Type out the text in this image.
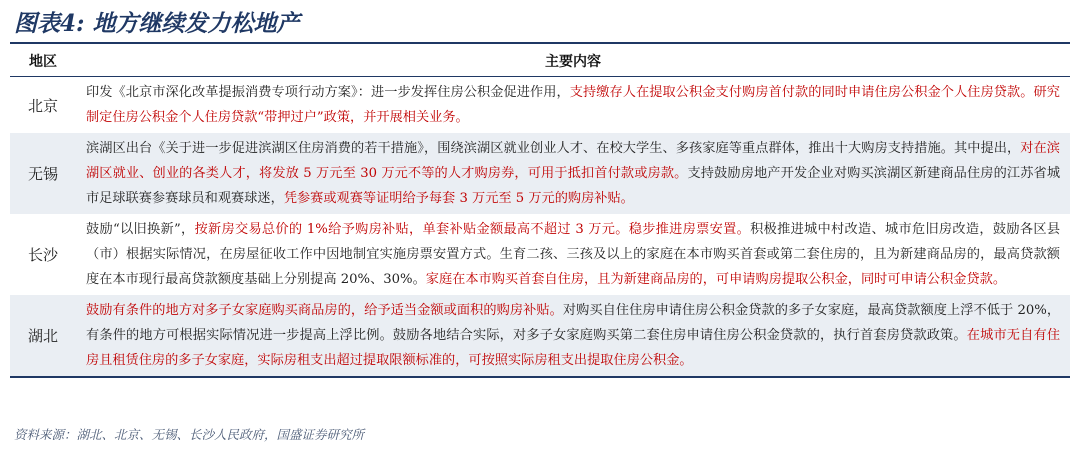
图表4: 地方继续发力松地产
地区	主要内容
北京	印发《北京市深化改革提振消费专项行动方案》：进一步发挥住房公积金促进作用，支持缴存人在提取公积金支付购房首付款的同时申请住房公积金个人住房贷款。研究制定住房公积金个人住房贷款“带押过户”政策，并开展相关业务。
无锡	滨湖区出台《关于进一步促进滨湖区住房消费的若干措施》，围绕滨湖区就业创业人才、在校大学生、多孩家庭等重点群体，推出十大购房支持措施。其中提出，对在滨湖区就业、创业的各类人才，将发放 5 万元至 30 万元不等的人才购房券，可用于抵扣首付款或房款。支持鼓励房地产开发企业对购买滨湖区新建商品住房的江苏省城市足球联赛参赛球员和观赛球迷，凭参赛或观赛等证明给予每套 3 万元至 5 万元的购房补贴。
长沙	鼓励“以旧换新”，按新房交易总价的 1%给予购房补贴，单套补贴金额最高不超过 3 万元。稳步推进房票安置。积极推进城中村改造、城市危旧房改造，鼓励各区县（市）根据实际情况，在房屋征收工作中因地制宜实施房票安置方式。生育二孩、三孩及以上的家庭在本市购买首套或第二套住房的，且为新建商品房的，最高贷款额度在本市现行最高贷款额度基础上分别提高 20%、30%。家庭在本市购买首套自住房，且为新建商品房的，可申请购房提取公积金，同时可申请公积金贷款。
湖北	鼓励有条件的地方对多子女家庭购买商品房的，给予适当金额或面积的购房补贴。对购买自住住房申请住房公积金贷款的多子女家庭，最高贷款额度上浮不低于 20%，有条件的地方可根据实际情况进一步提高上浮比例。鼓励各地结合实际，对多子女家庭购买第二套住房申请住房公积金贷款的，执行首套房贷款政策。在城市无自有住房且租赁住房的多子女家庭，实际房租支出超过提取限额标准的，可按照实际房租支出提取住房公积金。
资料来源：湖北、北京、无锡、长沙人民政府，国盛证券研究所
